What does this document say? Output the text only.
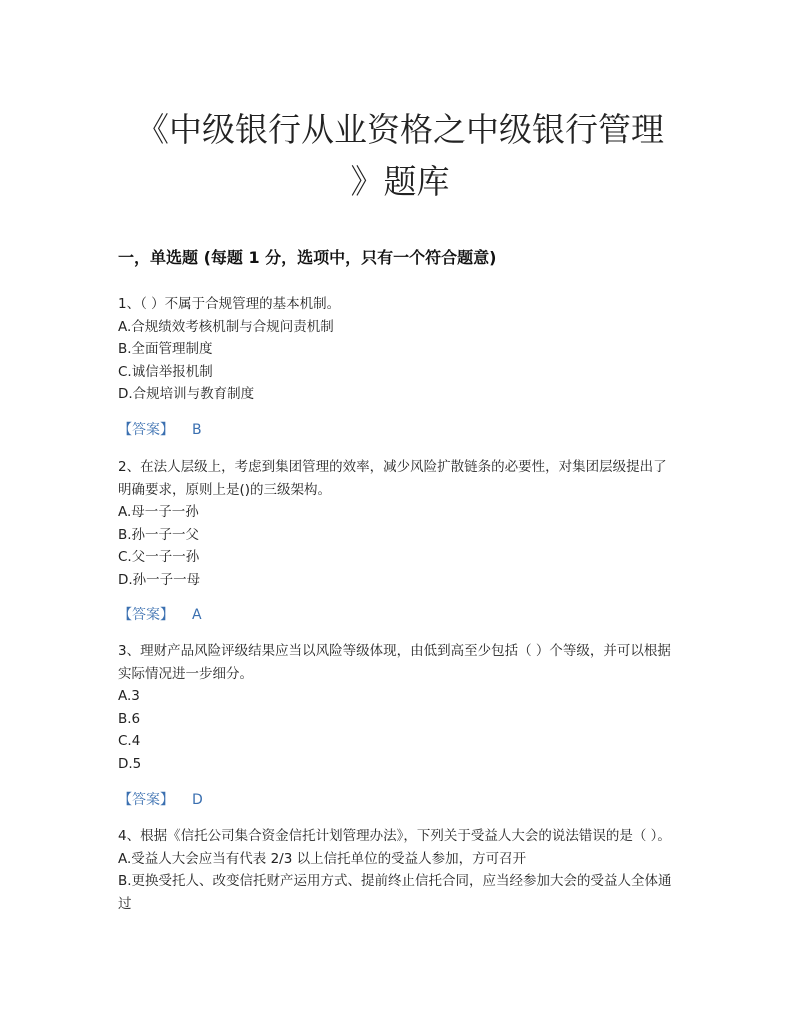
《中级银行从业资格之中级银行管理
》题库
一，单选题 (每题 1 分，选项中，只有一个符合题意)
1、（ ）不属于合规管理的基本机制。
A.合规绩效考核机制与合规问责机制
B.全面管理制度
C.诚信举报机制
D.合规培训与教育制度
【答案】 B
2、在法人层级上，考虑到集团管理的效率，减少风险扩散链条的必要性，对集团层级提出了明确要求，原则上是()的三级架构。
A.母一子一孙
B.孙一子一父
C.父一子一孙
D.孙一子一母
【答案】 A
3、理财产品风险评级结果应当以风险等级体现，由低到高至少包括（ ）个等级，并可以根据实际情况进一步细分。
A.3
B.6
C.4
D.5
【答案】 D
4、根据《信托公司集合资金信托计划管理办法》，下列关于受益人大会的说法错误的是（ ）。
A.受益人大会应当有代表 2/3 以上信托单位的受益人参加，方可召开
B.更换受托人、改变信托财产运用方式、提前终止信托合同，应当经参加大会的受益人全体通过
